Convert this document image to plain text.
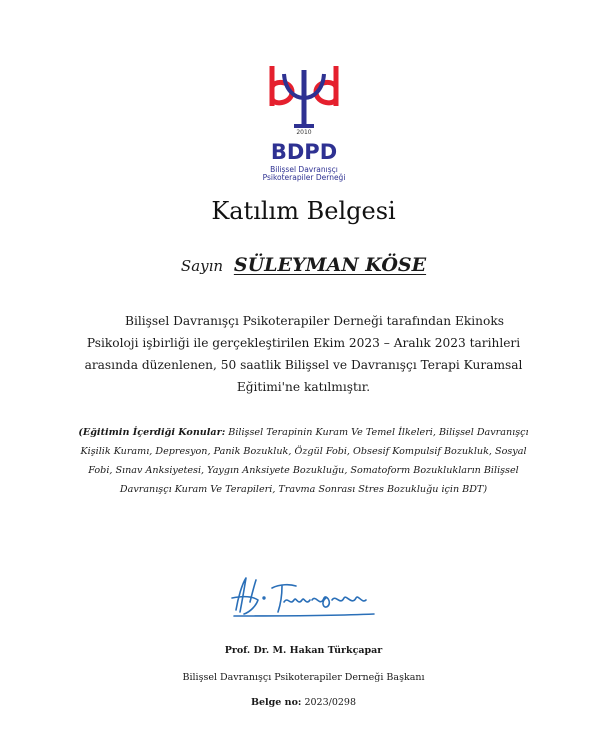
2010
BDPD
Bilişsel Davranışçı
Psikoterapiler Derneği
Katılım Belgesi
Sayın SÜLEYMAN KÖSE
Bilişsel Davranışçı Psikoterapiler Derneği tarafından Ekinoks Psikoloji işbirliği ile gerçekleştirilen Ekim 2023 – Aralık 2023 tarihleri arasında düzenlenen, 50 saatlik Bilişsel ve Davranışçı Terapi Kuramsal Eğitimi'ne katılmıştır.
(Eğitimin İçerdiği Konular: Bilişsel Terapinin Kuram Ve Temel İlkeleri, Bilişsel Davranışçı Kişilik Kuramı, Depresyon, Panik Bozukluk, Özgül Fobi, Obsesif Kompulsif Bozukluk, Sosyal Fobi, Sınav Anksiyetesi, Yaygın Anksiyete Bozukluğu, Somatoform Bozuklukların Bilişsel Davranışçı Kuram Ve Terapileri, Travma Sonrası Stres Bozukluğu için BDT)
Prof. Dr. M. Hakan Türkçapar
Bilişsel Davranışçı Psikoterapiler Derneği Başkanı
Belge no: 2023/0298
